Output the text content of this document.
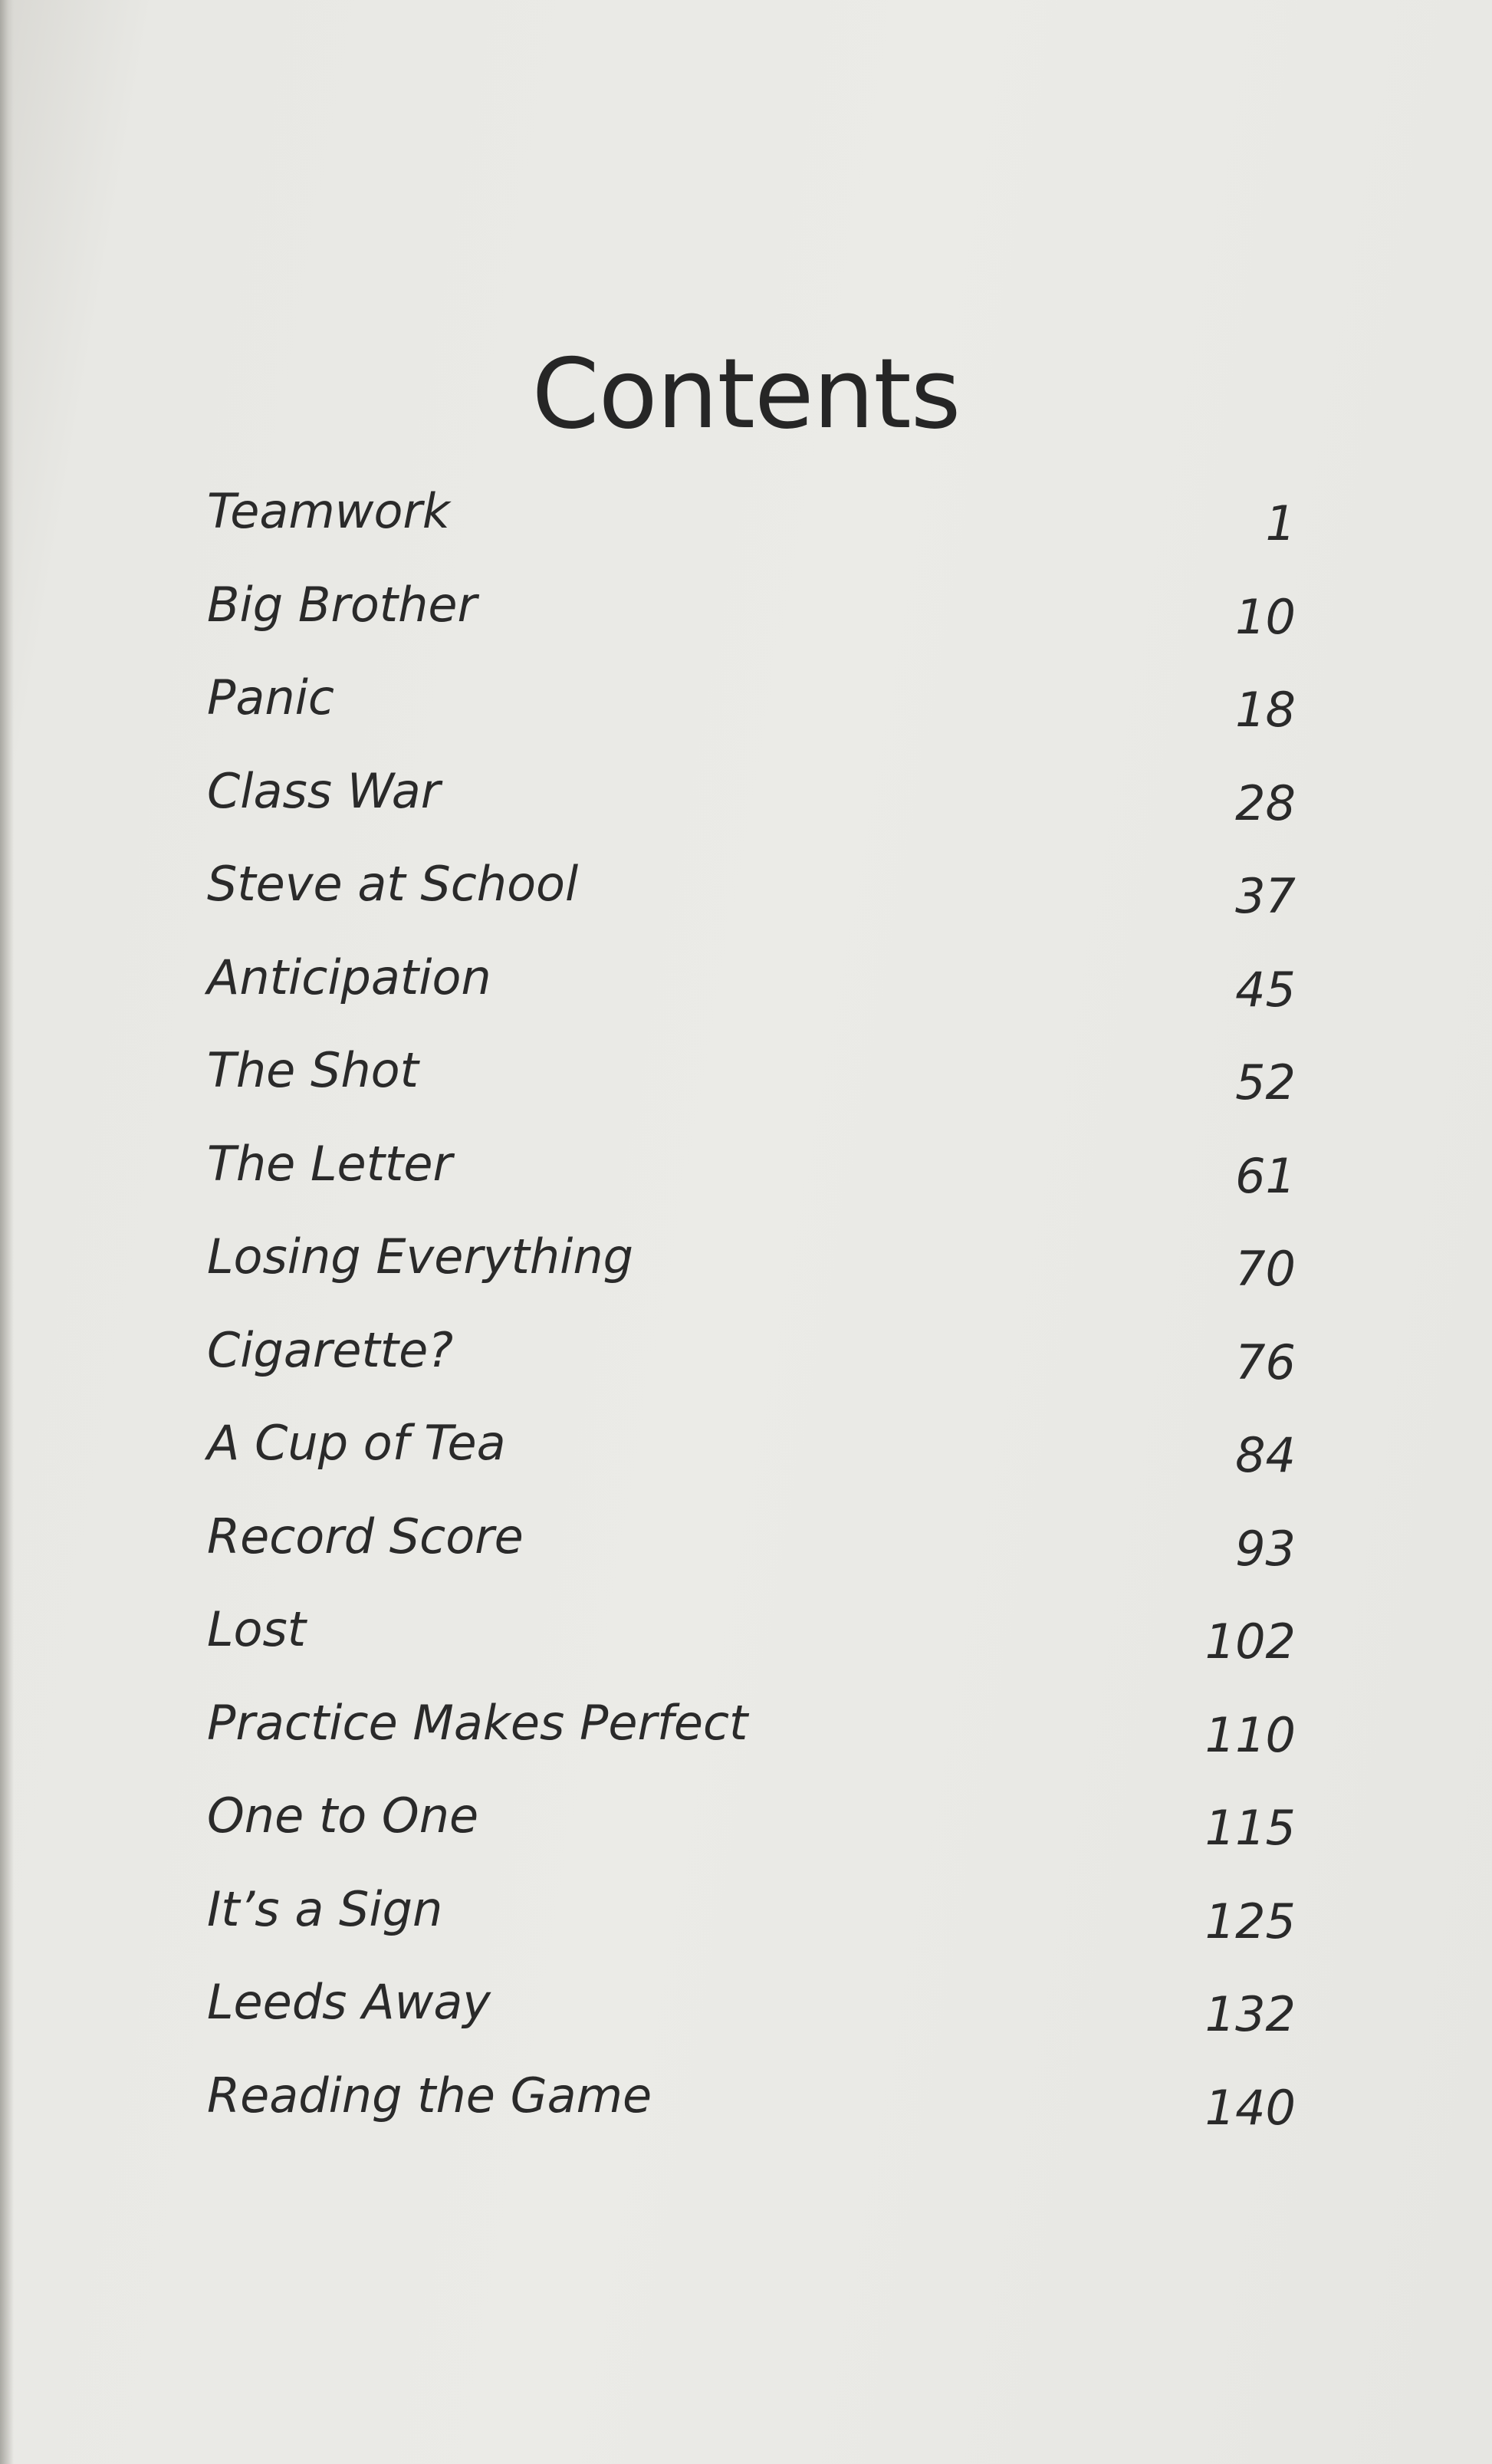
Contents
Teamwork	1
Big Brother	10
Panic	18
Class War	28
Steve at School	37
Anticipation	45
The Shot	52
The Letter	61
Losing Everything	70
Cigarette?	76
A Cup of Tea	84
Record Score	93
Lost	102
Practice Makes Perfect	110
One to One	115
It’s a Sign	125
Leeds Away	132
Reading the Game	140
